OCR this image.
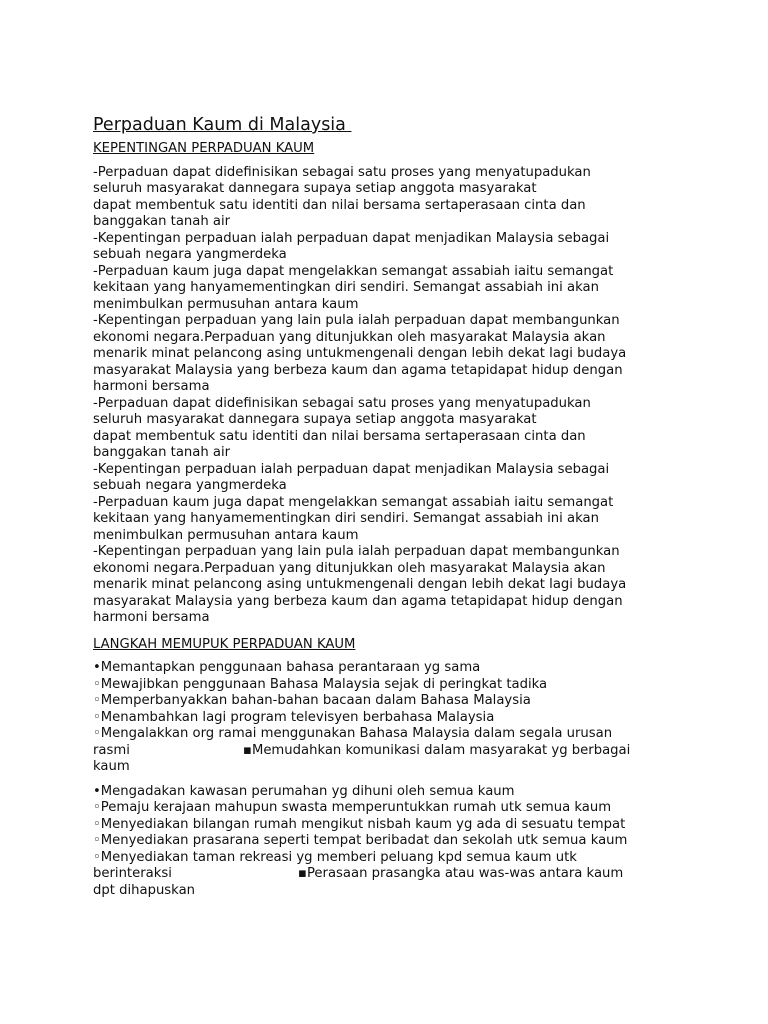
Perpaduan Kaum di Malaysia
KEPENTINGAN PERPADUAN KAUM
-Perpaduan dapat didefinisikan sebagai satu proses yang menyatupadukan
seluruh masyarakat dannegara supaya setiap anggota masyarakat
dapat membentuk satu identiti dan nilai bersama sertaperasaan cinta dan
banggakan tanah air
-Kepentingan perpaduan ialah perpaduan dapat menjadikan Malaysia sebagai
sebuah negara yangmerdeka
-Perpaduan kaum juga dapat mengelakkan semangat assabiah iaitu semangat
kekitaan yang hanyamementingkan diri sendiri. Semangat assabiah ini akan
menimbulkan permusuhan antara kaum
-Kepentingan perpaduan yang lain pula ialah perpaduan dapat membangunkan
ekonomi negara.Perpaduan yang ditunjukkan oleh masyarakat Malaysia akan
menarik minat pelancong asing untukmengenali dengan lebih dekat lagi budaya
masyarakat Malaysia yang berbeza kaum dan agama tetapidapat hidup dengan
harmoni bersama
-Perpaduan dapat didefinisikan sebagai satu proses yang menyatupadukan
seluruh masyarakat dannegara supaya setiap anggota masyarakat
dapat membentuk satu identiti dan nilai bersama sertaperasaan cinta dan
banggakan tanah air
-Kepentingan perpaduan ialah perpaduan dapat menjadikan Malaysia sebagai
sebuah negara yangmerdeka
-Perpaduan kaum juga dapat mengelakkan semangat assabiah iaitu semangat
kekitaan yang hanyamementingkan diri sendiri. Semangat assabiah ini akan
menimbulkan permusuhan antara kaum
-Kepentingan perpaduan yang lain pula ialah perpaduan dapat membangunkan
ekonomi negara.Perpaduan yang ditunjukkan oleh masyarakat Malaysia akan
menarik minat pelancong asing untukmengenali dengan lebih dekat lagi budaya
masyarakat Malaysia yang berbeza kaum dan agama tetapidapat hidup dengan
harmoni bersama
LANGKAH MEMUPUK PERPADUAN KAUM
•Memantapkan penggunaan bahasa perantaraan yg sama
◦Mewajibkan penggunaan Bahasa Malaysia sejak di peringkat tadika
◦Memperbanyakkan bahan-bahan bacaan dalam Bahasa Malaysia
◦Menambahkan lagi program televisyen berbahasa Malaysia
◦Mengalakkan org ramai menggunakan Bahasa Malaysia dalam segala urusan
rasmi	▪Memudahkan komunikasi dalam masyarakat yg berbagai
kaum
•Mengadakan kawasan perumahan yg dihuni oleh semua kaum
◦Pemaju kerajaan mahupun swasta memperuntukkan rumah utk semua kaum
◦Menyediakan bilangan rumah mengikut nisbah kaum yg ada di sesuatu tempat
◦Menyediakan prasarana seperti tempat beribadat dan sekolah utk semua kaum
◦Menyediakan taman rekreasi yg memberi peluang kpd semua kaum utk
berinteraksi	▪Perasaan prasangka atau was-was antara kaum
dpt dihapuskan
